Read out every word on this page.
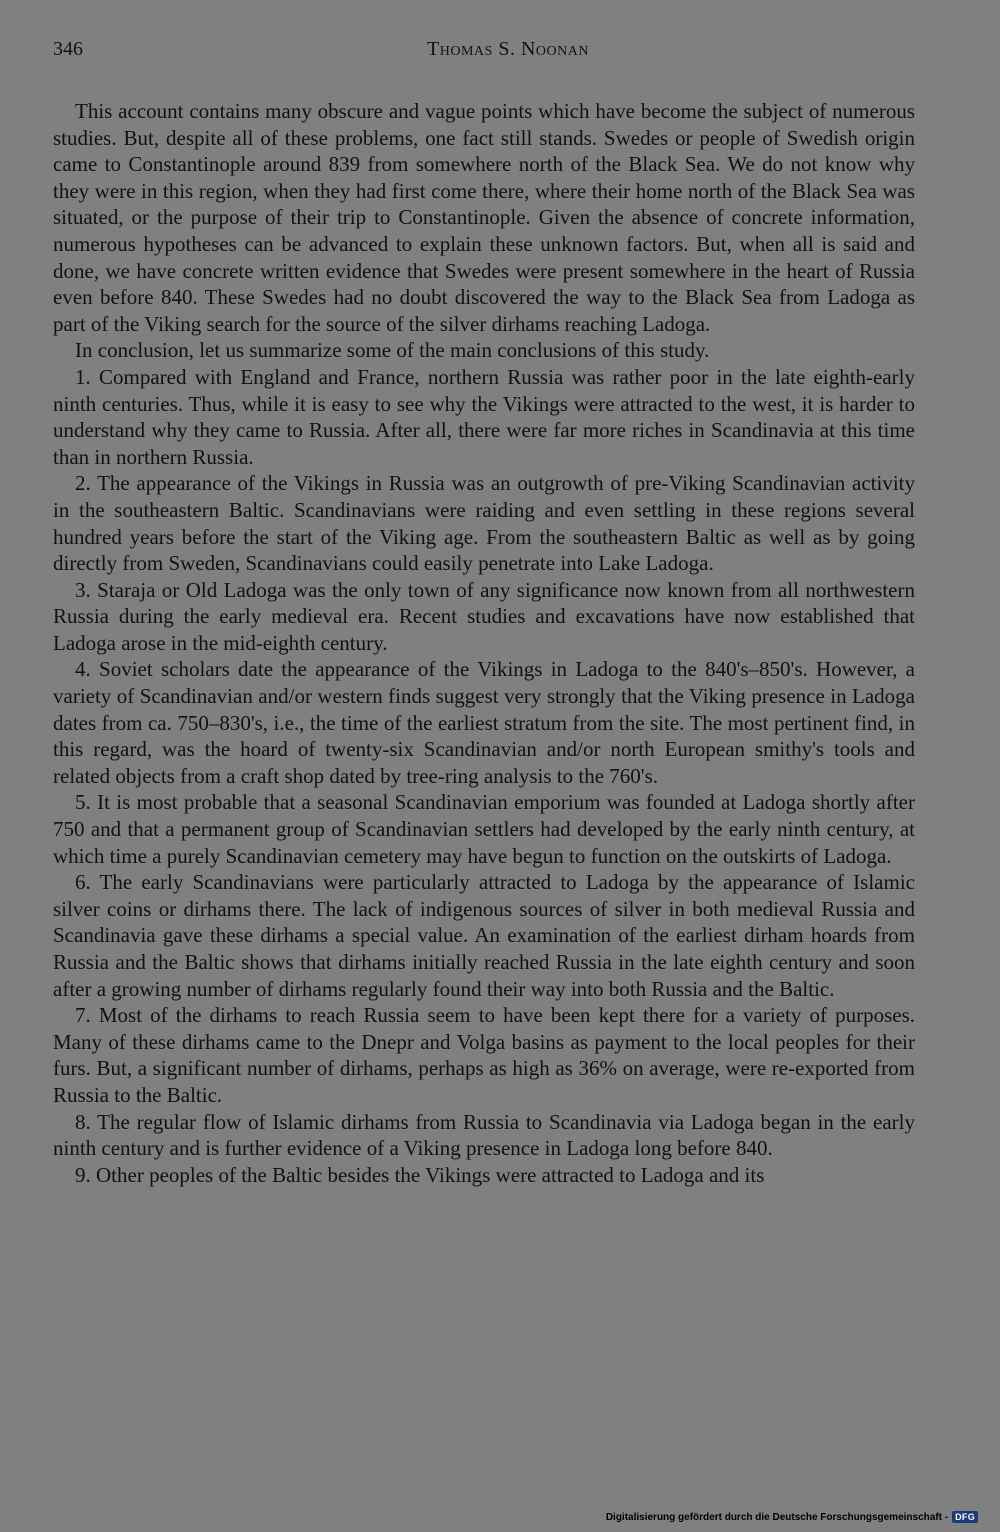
346	Thomas S. Noonan

This account contains many obscure and vague points which have become the subject of numerous studies. But, despite all of these problems, one fact still stands. Swedes or people of Swedish origin came to Constantinople around 839 from somewhere north of the Black Sea. We do not know why they were in this region, when they had first come there, where their home north of the Black Sea was situated, or the purpose of their trip to Constantinople. Given the absence of concrete information, numerous hypotheses can be advanced to explain these unknown factors. But, when all is said and done, we have concrete written evidence that Swedes were present somewhere in the heart of Russia even before 840. These Swedes had no doubt discovered the way to the Black Sea from Ladoga as part of the Viking search for the source of the silver dirhams reaching Ladoga.

In conclusion, let us summarize some of the main conclusions of this study.

1. Compared with England and France, northern Russia was rather poor in the late eighth-early ninth centuries. Thus, while it is easy to see why the Vikings were attracted to the west, it is harder to understand why they came to Russia. After all, there were far more riches in Scandinavia at this time than in northern Russia.

2. The appearance of the Vikings in Russia was an outgrowth of pre-Viking Scandinavian activity in the southeastern Baltic. Scandinavians were raiding and even settling in these regions several hundred years before the start of the Viking age. From the southeastern Baltic as well as by going directly from Sweden, Scandinavians could easily penetrate into Lake Ladoga.

3. Staraja or Old Ladoga was the only town of any significance now known from all northwestern Russia during the early medieval era. Recent studies and excavations have now established that Ladoga arose in the mid-eighth century.

4. Soviet scholars date the appearance of the Vikings in Ladoga to the 840's–850's. However, a variety of Scandinavian and/or western finds suggest very strongly that the Viking presence in Ladoga dates from ca. 750–830's, i.e., the time of the earliest stratum from the site. The most pertinent find, in this regard, was the hoard of twenty-six Scandinavian and/or north European smithy's tools and related objects from a craft shop dated by tree-ring analysis to the 760's.

5. It is most probable that a seasonal Scandinavian emporium was founded at Ladoga shortly after 750 and that a permanent group of Scandinavian settlers had developed by the early ninth century, at which time a purely Scandinavian cemetery may have begun to function on the outskirts of Ladoga.

6. The early Scandinavians were particularly attracted to Ladoga by the appearance of Islamic silver coins or dirhams there. The lack of indigenous sources of silver in both medieval Russia and Scandinavia gave these dirhams a special value. An examination of the earliest dirham hoards from Russia and the Baltic shows that dirhams initially reached Russia in the late eighth century and soon after a growing number of dirhams regularly found their way into both Russia and the Baltic.

7. Most of the dirhams to reach Russia seem to have been kept there for a variety of purposes. Many of these dirhams came to the Dnepr and Volga basins as payment to the local peoples for their furs. But, a significant number of dirhams, perhaps as high as 36% on average, were re-exported from Russia to the Baltic.

8. The regular flow of Islamic dirhams from Russia to Scandinavia via Ladoga began in the early ninth century and is further evidence of a Viking presence in Ladoga long before 840.

9. Other peoples of the Baltic besides the Vikings were attracted to Ladoga and its

Digitalisierung gefördert durch die Deutsche Forschungsgemeinschaft - DFG
